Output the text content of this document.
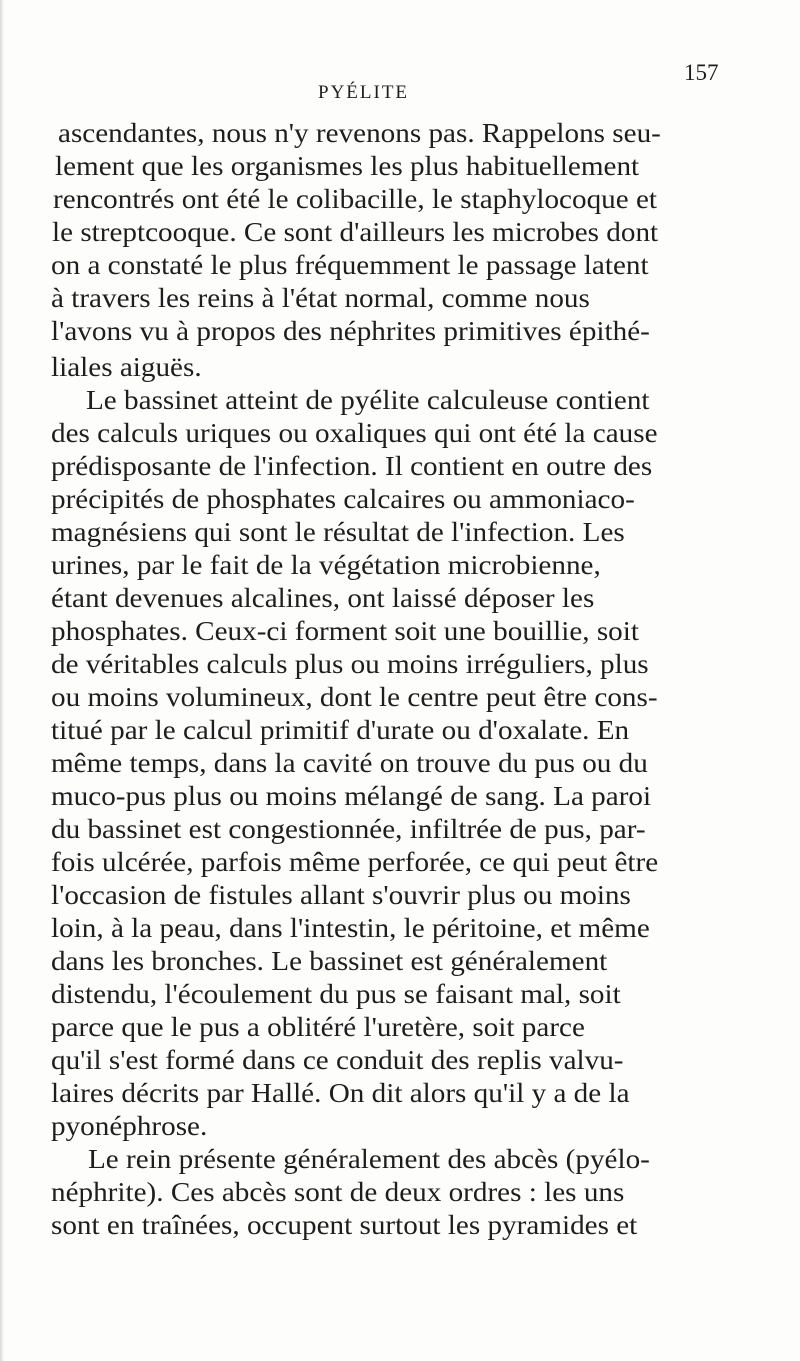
PYÉLITE
157
ascendantes, nous n'y revenons pas. Rappelons seu-
lement que les organismes les plus habituellement
rencontrés ont été le colibacille, le staphylocoque et
le streptcooque. Ce sont d'ailleurs les microbes dont
on a constaté le plus fréquemment le passage latent
à travers les reins à l'état normal, comme nous
l'avons vu à propos des néphrites primitives épithé-
liales aiguës.
Le bassinet atteint de pyélite calculeuse contient
des calculs uriques ou oxaliques qui ont été la cause
prédisposante de l'infection. Il contient en outre des
précipités de phosphates calcaires ou ammoniaco-
magnésiens qui sont le résultat de l'infection. Les
urines, par le fait de la végétation microbienne,
étant devenues alcalines, ont laissé déposer les
phosphates. Ceux-ci forment soit une bouillie, soit
de véritables calculs plus ou moins irréguliers, plus
ou moins volumineux, dont le centre peut être cons-
titué par le calcul primitif d'urate ou d'oxalate. En
même temps, dans la cavité on trouve du pus ou du
muco-pus plus ou moins mélangé de sang. La paroi
du bassinet est congestionnée, infiltrée de pus, par-
fois ulcérée, parfois même perforée, ce qui peut être
l'occasion de fistules allant s'ouvrir plus ou moins
loin, à la peau, dans l'intestin, le péritoine, et même
dans les bronches. Le bassinet est généralement
distendu, l'écoulement du pus se faisant mal, soit
parce que le pus a oblitéré l'uretère, soit parce
qu'il s'est formé dans ce conduit des replis valvu-
laires décrits par Hallé. On dit alors qu'il y a de la
pyonéphrose.
Le rein présente généralement des abcès (pyélo-
néphrite). Ces abcès sont de deux ordres : les uns
sont en traînées, occupent surtout les pyramides et
